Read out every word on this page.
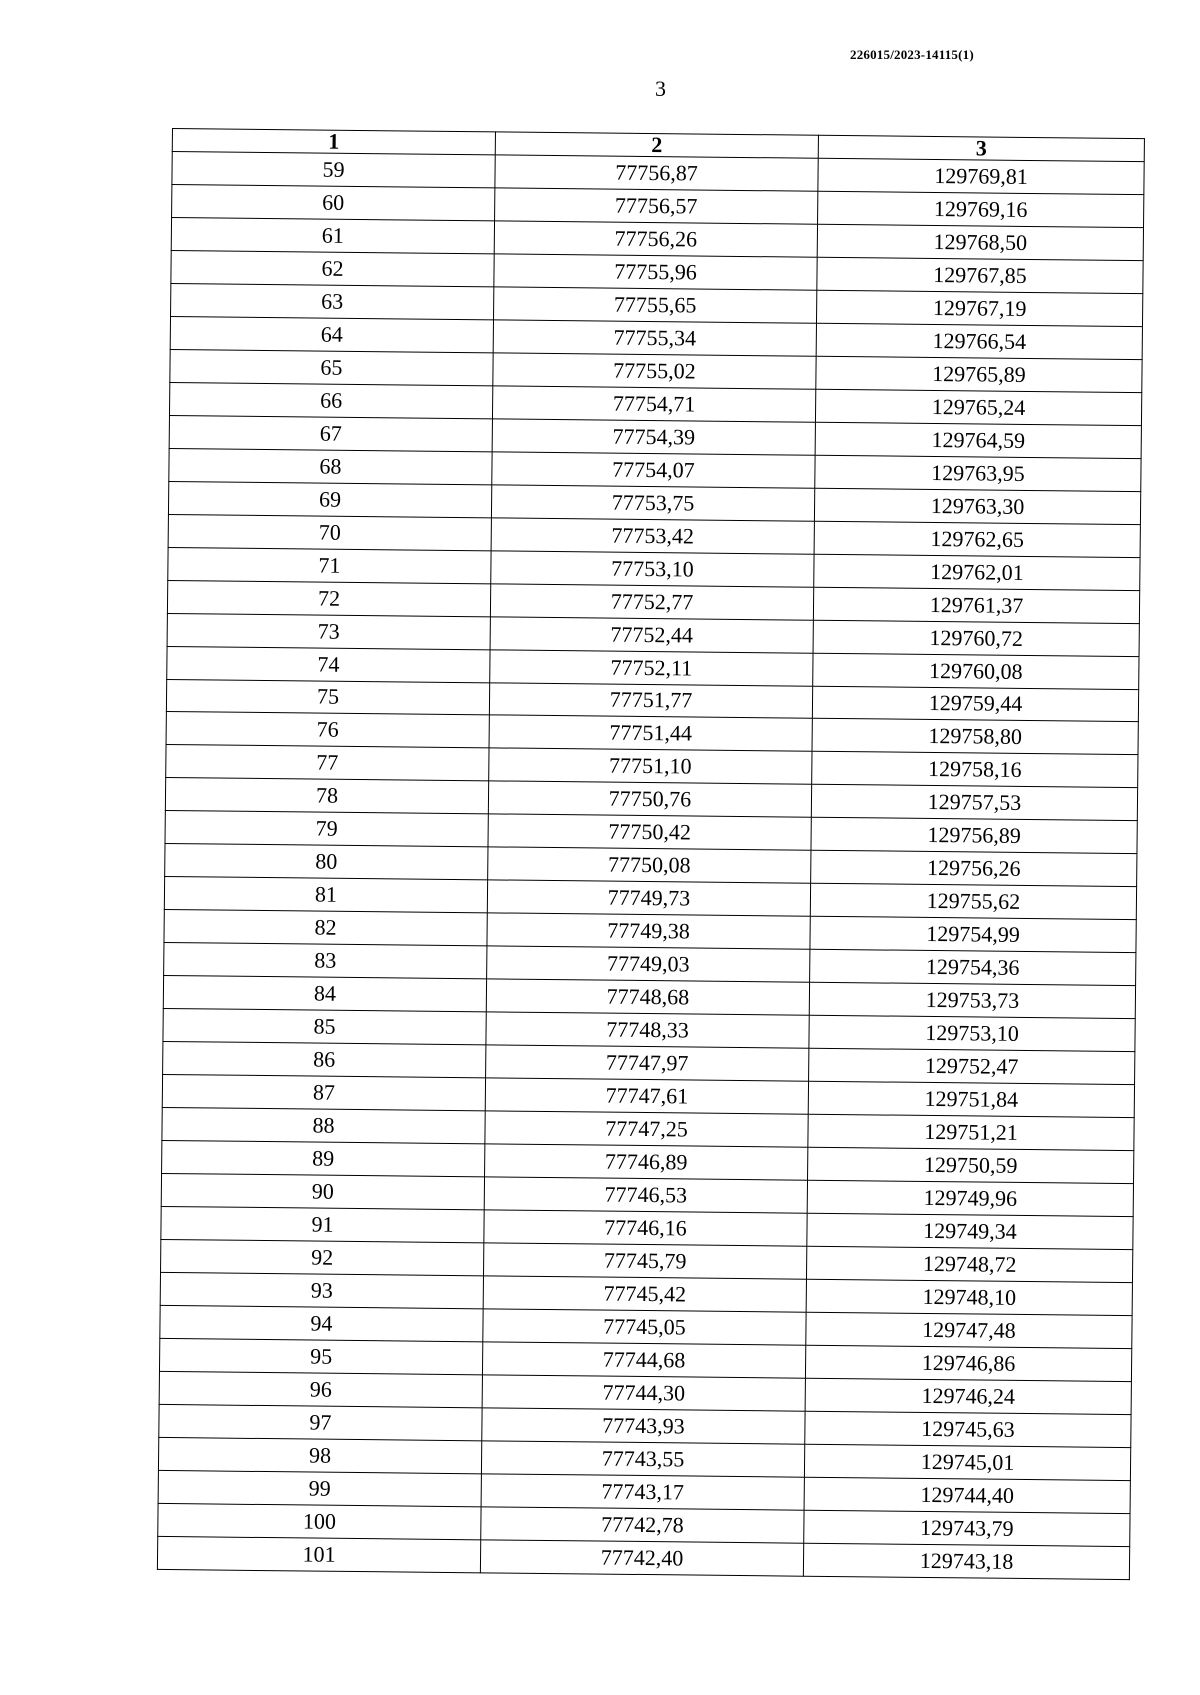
226015/2023-14115(1)
3
1	2	3
59	77756,87	129769,81
60	77756,57	129769,16
61	77756,26	129768,50
62	77755,96	129767,85
63	77755,65	129767,19
64	77755,34	129766,54
65	77755,02	129765,89
66	77754,71	129765,24
67	77754,39	129764,59
68	77754,07	129763,95
69	77753,75	129763,30
70	77753,42	129762,65
71	77753,10	129762,01
72	77752,77	129761,37
73	77752,44	129760,72
74	77752,11	129760,08
75	77751,77	129759,44
76	77751,44	129758,80
77	77751,10	129758,16
78	77750,76	129757,53
79	77750,42	129756,89
80	77750,08	129756,26
81	77749,73	129755,62
82	77749,38	129754,99
83	77749,03	129754,36
84	77748,68	129753,73
85	77748,33	129753,10
86	77747,97	129752,47
87	77747,61	129751,84
88	77747,25	129751,21
89	77746,89	129750,59
90	77746,53	129749,96
91	77746,16	129749,34
92	77745,79	129748,72
93	77745,42	129748,10
94	77745,05	129747,48
95	77744,68	129746,86
96	77744,30	129746,24
97	77743,93	129745,63
98	77743,55	129745,01
99	77743,17	129744,40
100	77742,78	129743,79
101	77742,40	129743,18
